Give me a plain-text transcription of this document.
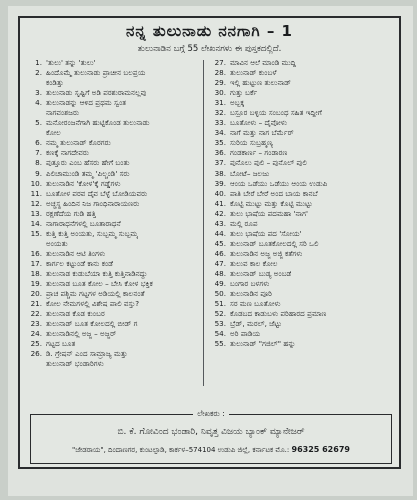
ನನ್ನ ತುಲುನಾಡು ನನಗಾಗಿ – 1
ತುಲುನಾಡಿನ ಬಗ್ಗೆ 55 ಲೇಖನಗಳು ಈ ಪುಸ್ತಕದಲ್ಲಿದೆ.
1. 'ತುಲು' ತನ್ನು 'ತುಲು'
2. ಹಿಂದೊಮ್ಮೆ ತುಲುನಾಡು ಪ್ರಾಚೀನ ಬಲಪ್ರಯ
ಕಂಡಿತ್ತು
3. ತುಲುನಾಡು ಸೃಷ್ಟಿಗೆ ಅಡಿ ಪರಶುರಾಮನಲ್ಲವು
4. ತುಲುನಾಡನ್ನು ಆಳಿದ ಪ್ರಥಮ ಸ್ವಂತ
ನಾಗವಂಶಜರು
5. ಮನೋರಂಜನೆಗಾಗಿ ಹುಟ್ಟಿಕೊಂಡ ತುಲುನಾಡು
ಕೋಲ
6. ನಮ್ಮ ತುಲುನಾಡ್ ಕೊರಗರು
7. ಕಣಕ್ಕೆ ನಾಗದೇವರು
8. ಪುತ್ತೂರು ಎಂಬ ಹೆಸರು ಹೇಗೆ ಬಂತು
9. ಪಿಲಿಚಾಮುಂಡಿ ತಮ್ಮ 'ಪಿಲ್ಚಂಡಿ' ಸರು
10. ತುಲುನಾಡಿನ 'ಕೋಳ'ಕ್ಕೆ ಗಡ್ಡೆಗಳು
11. ಬೂತೋಳ ಪರವ ದೈವ ಬೆಳ್ಳೆ ಬೋಡಿಯವರು
12. ಅಚ್ಚಸ್ಥ ಹಿಂದಿನ ನಿಜ ಗಾಂಧಿನಾರಾಯಣರು
13. ರಕ್ಷಣೆದೆಯ ಗುಡಿ ಹತ್ತಿ
14. ನಾಗಾರಾಧನೆಗಳಲ್ಲಿ ಬೂತಾರಾಧನೆ
15. ಕುತ್ತಿ ಕುತ್ತಿ ಅಂಯತು, ಸುಬ್ಬಮ್ಮ ಸುಬ್ಬಮ್ಮ
ಅಂಯತು
16. ತುಲುನಾಡಿನ ಆಟಿ ತಿಂಗಳು
17. ಕಾರ್ಗಲ ಕಟ್ಟುಂಡೆ ಕಾನು ಕಂಡೆ
18. ತುಲುನಾಡ ಕುಡುಬೆಯಾ ಕುತ್ತಿ ಕುತ್ತಿನಾಡಿನದ್ದು
19. ತುಲುನಾಡ ಬೂತ ಕೋಲ – ಬೇಸಿ ಕೋಳ ಭಕ್ತಿಕ
20. ಪ್ರಾಚ ಪಶ್ಚಿಮ ಗಟ್ಟಗಳ ಅಡಿಯಲ್ಲಿ ಕಾಲನಂತೆ
21. ಕೋಲ ನೇಮಗಳಲ್ಲಿ ವಿಶೇಷ ಪಾಲಿ ವಸ್ತು?
22. ತುಲುನಾಡ ಕೊಡ ಕುಂಬರ
23. ತುಲುನಾಡ್ ಬೂತ ಕೋಲದಲ್ಲಿ ಬೀಡ್ ಗ
24. ತುಲುನಾಡಿನಲ್ಲಿ ಅಜ್ಜ – ಅಜ್ಜರ್
25. ಗಟ್ಟದ ಬೂತ
26. ಡಿ. ಗ್ರೇಷನ್ ಎಂದ ಸಾಮ್ರಾಜ್ಯ ಮತ್ತು
ತುಲುನಾಡ್ ಭಂಡಾರಿಗಳು
27. ಮಾವಿನ ಆಲೆ ಮಾಂಡಿ ಮುದ್ದಿ
28. ತುಲುನಾಡ್ ಕುಂಬಳೆ
29. ಇಲ್ಲಿ ಹುಟ್ಟುಣ ತುಲುನಾಡ್
30. ಗುತ್ತು ಬರ್ಕೆ
31. ಅಬ್ಬಕ್ಕ
32. ಬಸ್ರೂರ ಬಳ್ಳಿಯ ಸಂಬಂಧ ಸಹಿತ ಇದ್ದೀಗೆ
33. ಬೂತೋಳು – ದೈವೋಳು
34. ನಾಗೆ ಮತ್ತು ನಾಗ ಬೆರ್ಮೆರ್
35. ಸುರಿಯ ಸುಬ್ರಹ್ಮಣ್ಯ
36. ಗಂಡಕಾರ್ಣ – ಗಂಡಾರಣ
37. ಪುನೊಲು ಪುಲಿ – ಪುನೊಲ್ ಪುಲಿ
38. ಬೋಟೆ– ಜಲಜು
39. ಆಂಯ ಒಡೆಯು ಒಡೆಯು ಆಂಯ ಉಡುಪಿ
40. ಪಾತಿ ಬೇರೆ ಬೇರೆ ಅಂದ ಬಾಯ ಕಾನಬೆ
41. ಕೊಟ್ಟಿ ಮುಟ್ಟು ಮತ್ತು ಕೊಟ್ಟಿ ಮುಟ್ಟು
42. ತುಲು ಭಾಷೆಯ ಪದಮಹಾ 'ನಾಗ'
43. ಮಲ್ಲಿ ರೂಪ
44. ತುಲು ಭಾಷೆಯ ಪದ 'ಸೋಯ'
45. ತುಲುನಾಡ್ ಬೂತಕೋಲದಲ್ಲಿ ಸರಿ ಒಲಿ
46. ತುಲುನಾಡಿನ ಅಜ್ಜ ಅಜ್ಜಿ ಕತೆಗಳು
47. ತುಲುವ ಕಾಲ ಕೋಲ
48. ತುಲುನಾಡ್ ಬುಡ್ಯ ಅಂಬಡೆ
49. ಬಂಗಾರ ಬಳಗಳು
50. ತುಲುನಾಡಿನ ಪೂರಿ
51. ಸರ ಮಣ ಬೂತೋಳು
52. ಕೊಡಬದ ಕಾಡುಬಳು ಪರಿಹಾರದ ಪ್ರಮಾಣ
53. ಬ್ರೆಡ್, ಮರಲ್, ಜೆಟ್ಟು
54. ಅರಿ ಪಾಡಿಯ
55. ತುಲುನಾಡ್ "ಗಜಿಲ್" ಹನ್ನು
ಲೇಖಕರು :
ಬಿ. ಕೆ. ಗೋವಿಂದ ಭಂಡಾರಿ, ನಿವೃತ್ತ ವಿಜಯ ಬ್ಯಾಂಕ್ ಮ್ಯಾನೇಜರ್
"ಜೇಡರಾಯ", ದಿಂದಾಣಗರ, ಕುಂಟಲ್ಪಾಡಿ, ಕಾರ್ಕಳ–574104 ಉಡುಪಿ ಜಿಲ್ಲೆ, ಕರ್ನಾಟಕ ಮೊ.: 96325 62679
